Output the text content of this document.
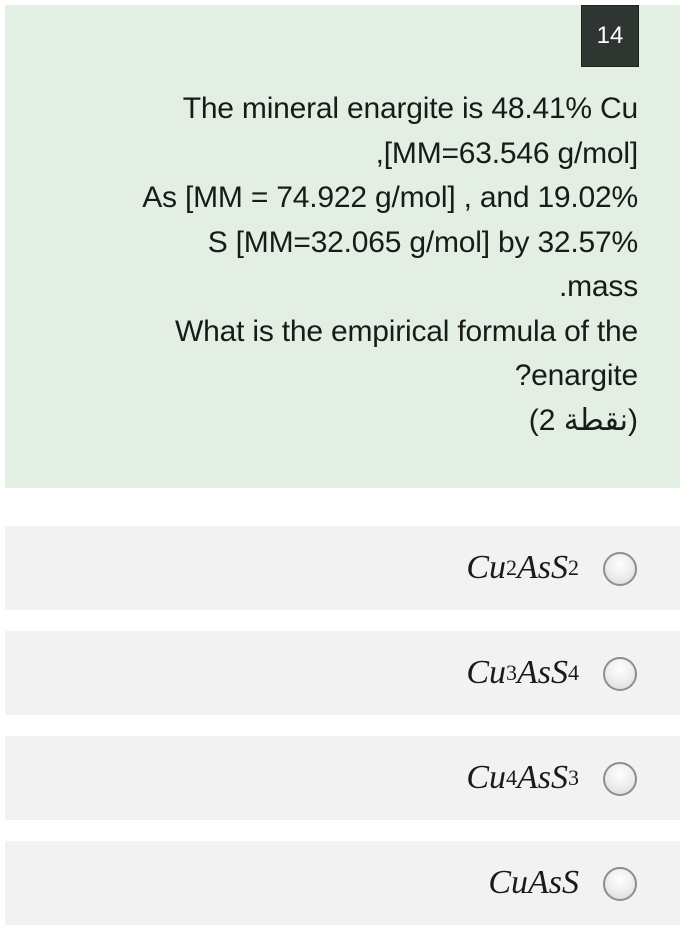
14
The mineral enargite is 48.41% Cu
,[MM=63.546 g/mol]
As [MM = 74.922 g/mol] , and 19.02%
S [MM=32.065 g/mol] by 32.57%
.mass
What is the empirical formula of the
?enargite
(2 نقطة)
Cu 2 AsS 2
Cu 3 AsS 4
Cu 4 AsS 3
CuAsS
